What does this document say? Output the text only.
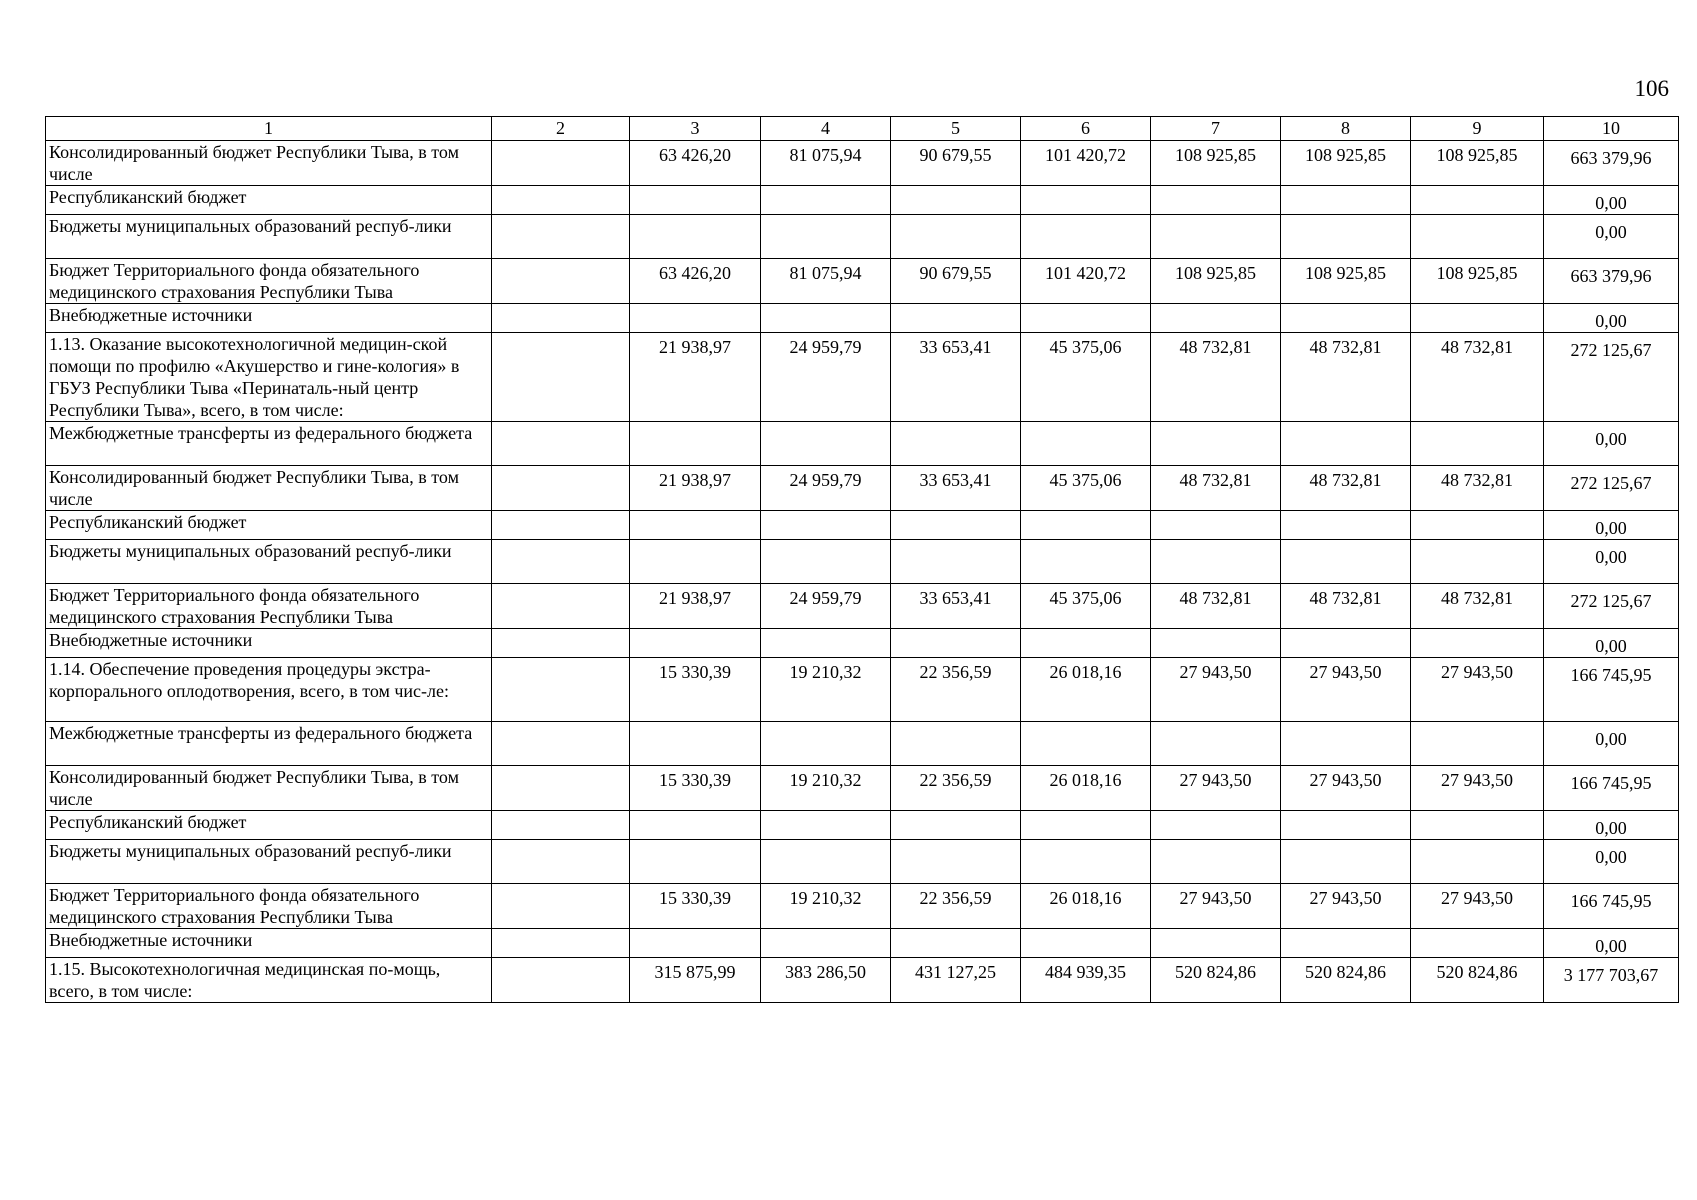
106
1	2	3	4	5	6	7	8	9	10
Консолидированный бюджет Республики Тыва, в том числе		63 426,20	81 075,94	90 679,55	101 420,72	108 925,85	108 925,85	108 925,85	663 379,96
Республиканский бюджет									0,00
Бюджеты муниципальных образований респуб-лики									0,00
Бюджет Территориального фонда обязательного медицинского страхования Республики Тыва		63 426,20	81 075,94	90 679,55	101 420,72	108 925,85	108 925,85	108 925,85	663 379,96
Внебюджетные источники									0,00
1.13. Оказание высокотехнологичной медицин-ской помощи по профилю «Акушерство и гине-кология» в ГБУЗ Республики Тыва «Перинаталь-ный центр Республики Тыва», всего, в том числе:		21 938,97	24 959,79	33 653,41	45 375,06	48 732,81	48 732,81	48 732,81	272 125,67
Межбюджетные трансферты из федерального бюджета									0,00
Консолидированный бюджет Республики Тыва, в том числе		21 938,97	24 959,79	33 653,41	45 375,06	48 732,81	48 732,81	48 732,81	272 125,67
Республиканский бюджет									0,00
Бюджеты муниципальных образований респуб-лики									0,00
Бюджет Территориального фонда обязательного медицинского страхования Республики Тыва		21 938,97	24 959,79	33 653,41	45 375,06	48 732,81	48 732,81	48 732,81	272 125,67
Внебюджетные источники									0,00
1.14. Обеспечение проведения процедуры экстра-корпорального оплодотворения, всего, в том чис-ле:		15 330,39	19 210,32	22 356,59	26 018,16	27 943,50	27 943,50	27 943,50	166 745,95
Межбюджетные трансферты из федерального бюджета									0,00
Консолидированный бюджет Республики Тыва, в том числе		15 330,39	19 210,32	22 356,59	26 018,16	27 943,50	27 943,50	27 943,50	166 745,95
Республиканский бюджет									0,00
Бюджеты муниципальных образований респуб-лики									0,00
Бюджет Территориального фонда обязательного медицинского страхования Республики Тыва		15 330,39	19 210,32	22 356,59	26 018,16	27 943,50	27 943,50	27 943,50	166 745,95
Внебюджетные источники									0,00
1.15. Высокотехнологичная медицинская по-мощь, всего, в том числе:		315 875,99	383 286,50	431 127,25	484 939,35	520 824,86	520 824,86	520 824,86	3 177 703,67
